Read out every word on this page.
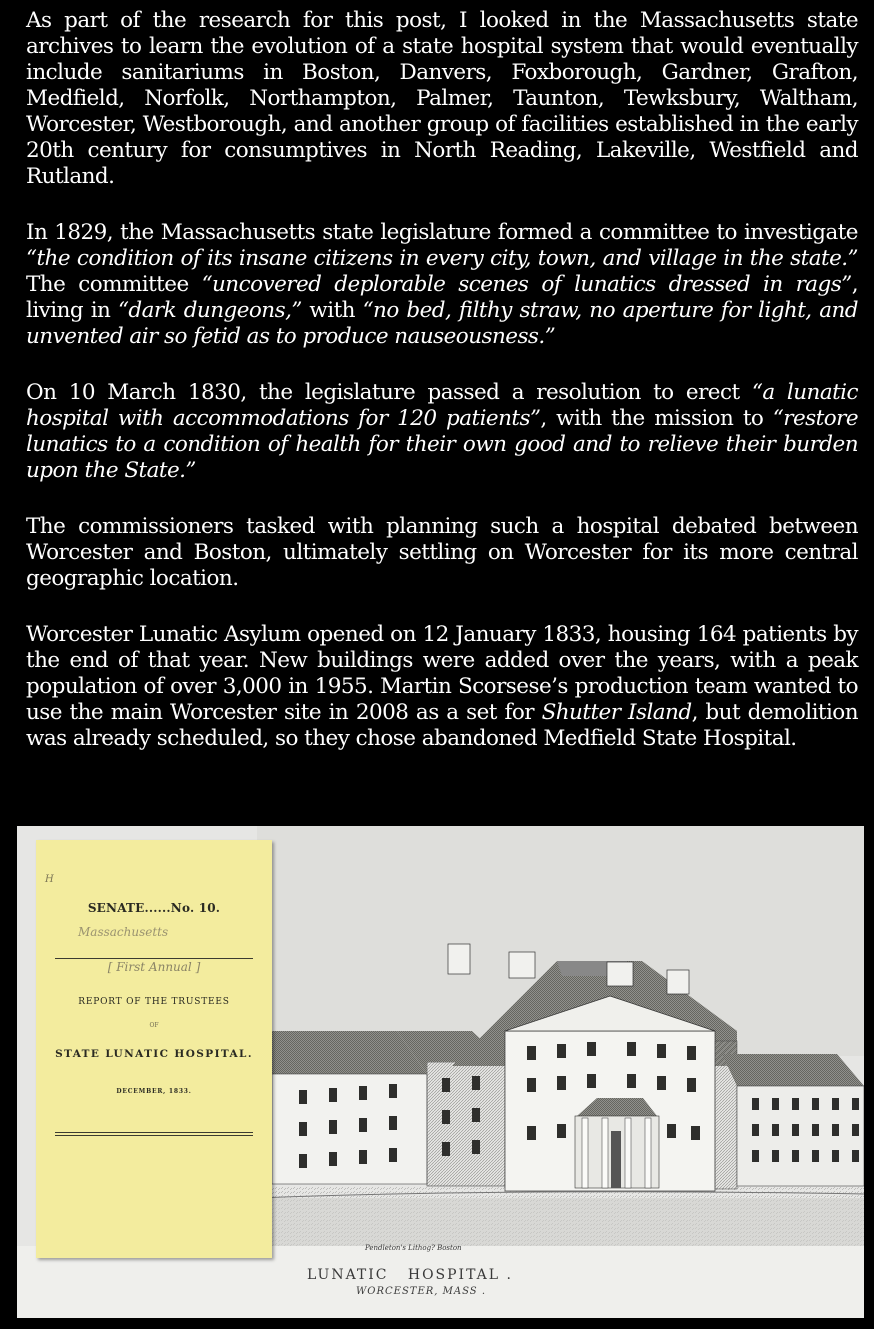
As part of the research for this post, I looked in the Massachusetts state archives to learn the evolution of a state hospital system that would eventually include sanitariums in Boston, Danvers, Foxborough, Gardner, Grafton, Medfield, Norfolk, Northampton, Palmer, Taunton, Tewksbury, Waltham, Worcester, Westborough, and another group of facilities established in the early 20th century for consumptives in North Reading, Lakeville, Westfield and Rutland.

In 1829, the Massachusetts state legislature formed a committee to investigate “the condition of its insane citizens in every city, town, and village in the state.” The committee “uncovered deplorable scenes of lunatics dressed in rags”, living in “dark dungeons,” with “no bed, filthy straw, no aperture for light, and unvented air so fetid as to produce nauseousness.”

On 10 March 1830, the legislature passed a resolution to erect “a lunatic hospital with accommodations for 120 patients”, with the mission to “restore lunatics to a condition of health for their own good and to relieve their burden upon the State.”

The commissioners tasked with planning such a hospital debated between Worcester and Boston, ultimately settling on Worcester for its more central geographic location.

Worcester Lunatic Asylum opened on 12 January 1833, housing 164 patients by the end of that year. New buildings were added over the years, with a peak population of over 3,000 in 1955. Martin Scorsese’s production team wanted to use the main Worcester site in 2008 as a set for Shutter Island, but demolition was already scheduled, so they chose abandoned Medfield State Hospital.

H
SENATE......No. 10.
Massachusetts
[ First Annual ]
REPORT OF THE TRUSTEES
OF
STATE LUNATIC HOSPITAL.
DECEMBER, 1833.
Pendleton's Lithog? Boston
LUNATIC   HOSPITAL .
WORCESTER, MASS .
